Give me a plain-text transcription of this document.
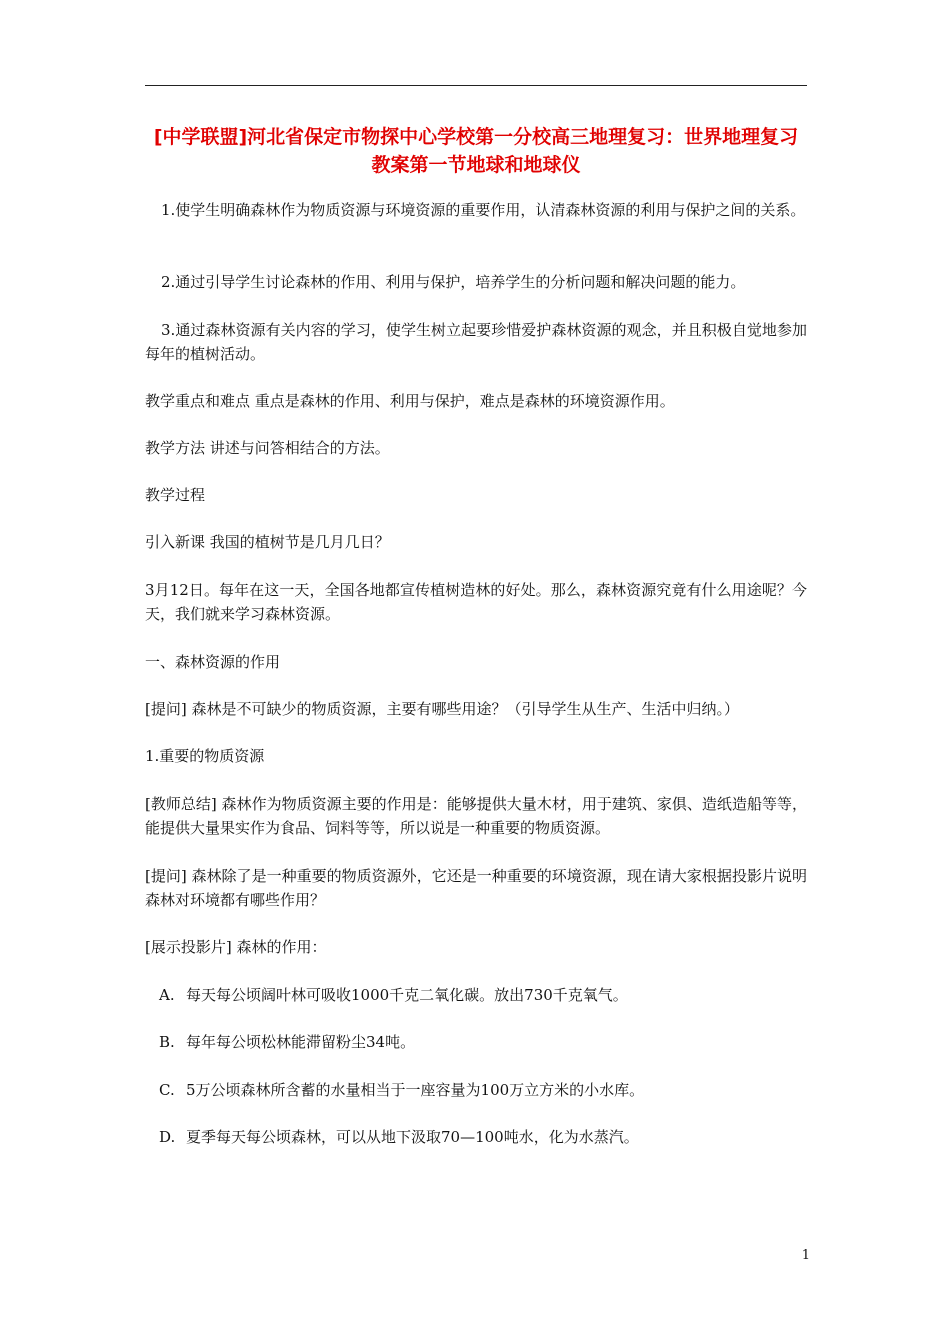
[中学联盟]河北省保定市物探中心学校第一分校高三地理复习：世界地理复习教案第一节地球和地球仪

1.使学生明确森林作为物质资源与环境资源的重要作用，认清森林资源的利用与保护之间的关系。

2.通过引导学生讨论森林的作用、利用与保护，培养学生的分析问题和解决问题的能力。

3.通过森林资源有关内容的学习，使学生树立起要珍惜爱护森林资源的观念，并且积极自觉地参加每年的植树活动。

教学重点和难点 重点是森林的作用、利用与保护，难点是森林的环境资源作用。

教学方法 讲述与问答相结合的方法。

教学过程

引入新课 我国的植树节是几月几日？

3月12日。每年在这一天，全国各地都宣传植树造林的好处。那么，森林资源究竟有什么用途呢？今天，我们就来学习森林资源。

一、森林资源的作用

[提问] 森林是不可缺少的物质资源，主要有哪些用途？（引导学生从生产、生活中归纳。）

1.重要的物质资源

[教师总结] 森林作为物质资源主要的作用是：能够提供大量木材，用于建筑、家俱、造纸造船等等，能提供大量果实作为食品、饲料等等，所以说是一种重要的物质资源。

[提问] 森林除了是一种重要的物质资源外，它还是一种重要的环境资源，现在请大家根据投影片说明森林对环境都有哪些作用？

[展示投影片] 森林的作用：

A. 每天每公顷阔叶林可吸收1000千克二氧化碳。放出730千克氧气。

B. 每年每公顷松林能滞留粉尘34吨。

C. 5万公顷森林所含蓄的水量相当于一座容量为100万立方米的小水库。

D. 夏季每天每公顷森林，可以从地下汲取70—100吨水，化为水蒸汽。

1
